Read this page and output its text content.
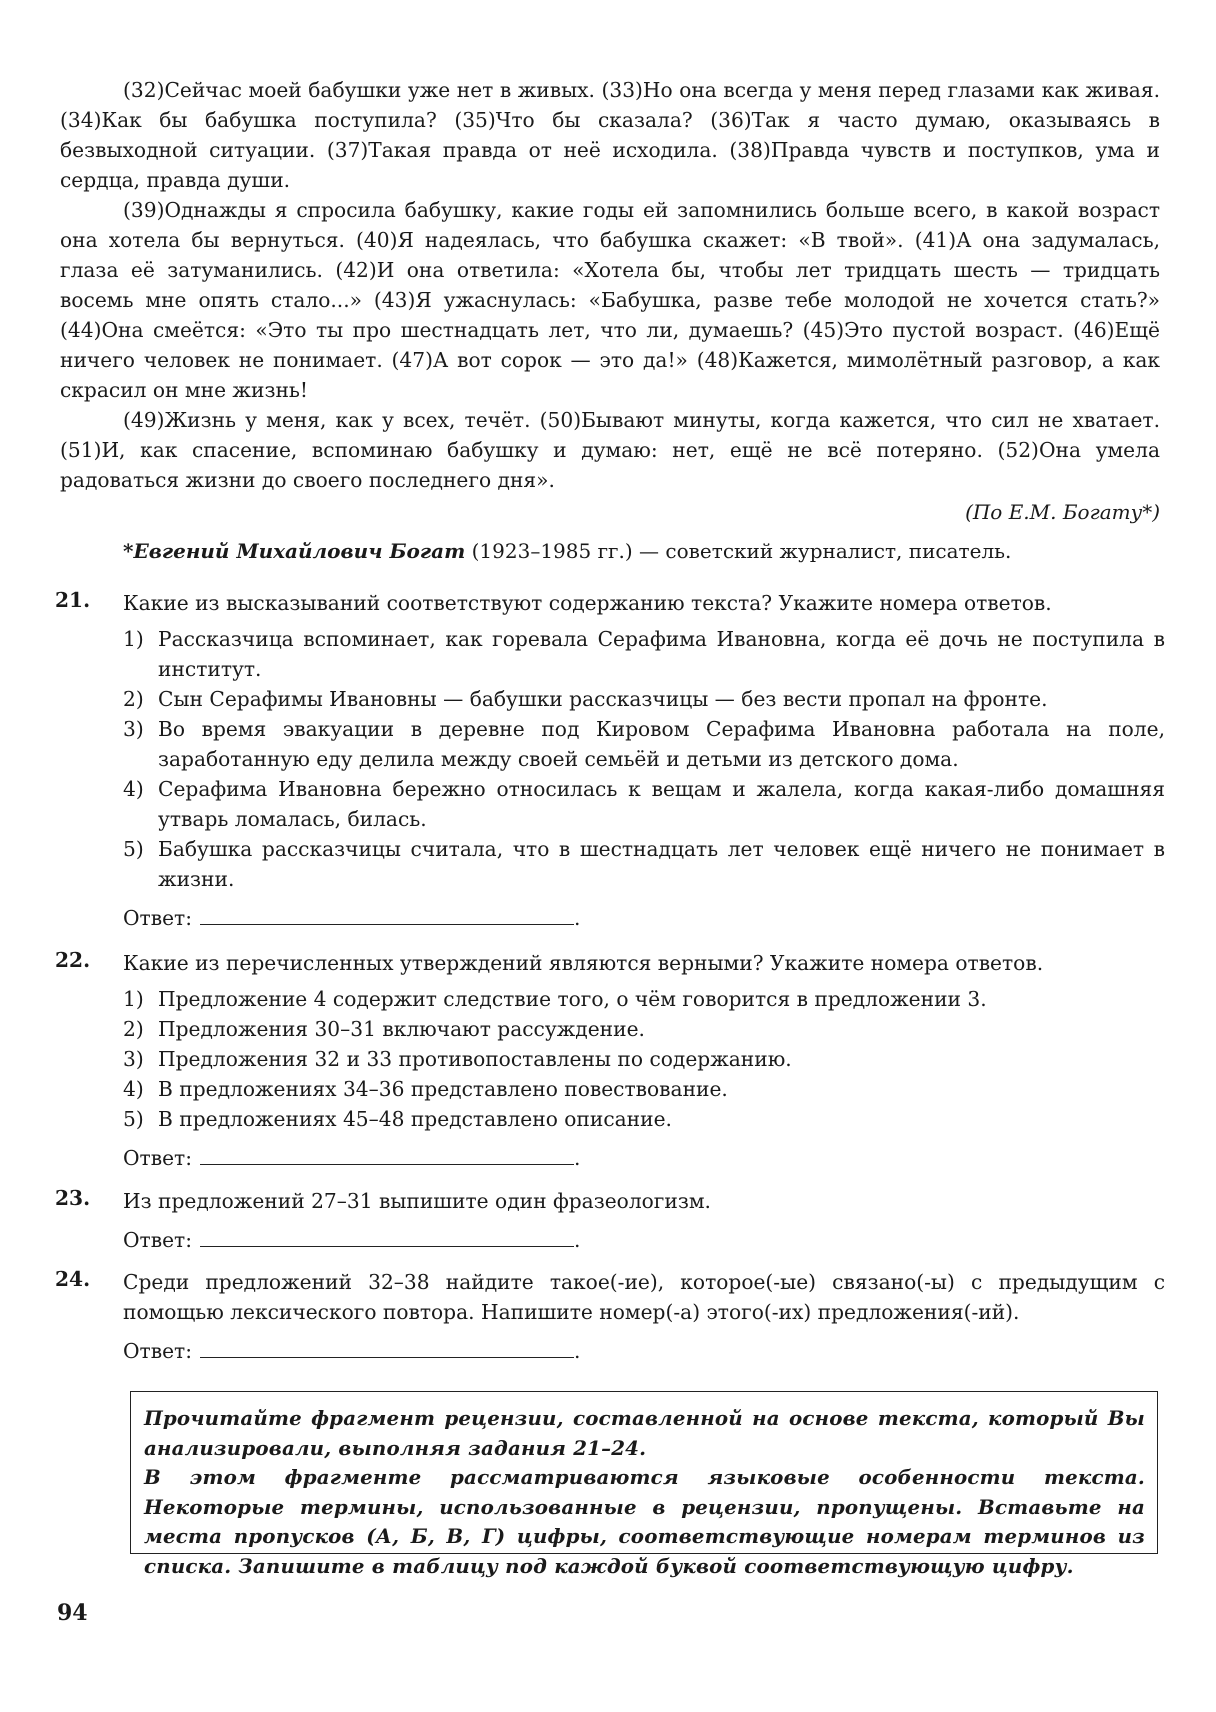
(32)Сейчас моей бабушки уже нет в живых. (33)Но она всегда у меня перед глазами как живая. (34)Как бы бабушка поступила? (35)Что бы сказала? (36)Так я часто думаю, оказываясь в безвыходной ситуации. (37)Такая правда от неё исходила. (38)Правда чувств и поступков, ума и сердца, правда души.

(39)Однажды я спросила бабушку, какие годы ей запомнились больше всего, в какой возраст она хотела бы вернуться. (40)Я надеялась, что бабушка скажет: «В твой». (41)А она задумалась, глаза её затуманились. (42)И она ответила: «Хотела бы, чтобы лет тридцать шесть — тридцать восемь мне опять стало...» (43)Я ужаснулась: «Бабушка, разве тебе молодой не хочется стать?» (44)Она смеётся: «Это ты про шестнадцать лет, что ли, думаешь? (45)Это пустой возраст. (46)Ещё ничего человек не понимает. (47)А вот сорок — это да!» (48)Кажется, мимолётный разговор, а как скрасил он мне жизнь!

(49)Жизнь у меня, как у всех, течёт. (50)Бывают минуты, когда кажется, что сил не хватает. (51)И, как спасение, вспоминаю бабушку и думаю: нет, ещё не всё потеряно. (52)Она умела радоваться жизни до своего последнего дня».

(По Е.М. Богату*)
*Евгений Михайлович Богат (1923–1985 гг.) — советский журналист, писатель.
21. Какие из высказываний соответствуют содержанию текста? Укажите номера ответов.
1) Рассказчица вспоминает, как горевала Серафима Ивановна, когда её дочь не поступила в институт.
2) Сын Серафимы Ивановны — бабушки рассказчицы — без вести пропал на фронте.
3) Во время эвакуации в деревне под Кировом Серафима Ивановна работала на поле, заработанную еду делила между своей семьёй и детьми из детского дома.
4) Серафима Ивановна бережно относилась к вещам и жалела, когда какая-либо домашняя утварь ломалась, билась.
5) Бабушка рассказчицы считала, что в шестнадцать лет человек ещё ничего не понимает в жизни.
Ответ:	.
22. Какие из перечисленных утверждений являются верными? Укажите номера ответов.
1) Предложение 4 содержит следствие того, о чём говорится в предложении 3.
2) Предложения 30–31 включают рассуждение.
3) Предложения 32 и 33 противопоставлены по содержанию.
4) В предложениях 34–36 представлено повествование.
5) В предложениях 45–48 представлено описание.
Ответ:	.
23. Из предложений 27–31 выпишите один фразеологизм.
Ответ:	.
24. Среди предложений 32–38 найдите такое(-ие), которое(-ые) связано(-ы) с предыдущим с помощью лексического повтора. Напишите номер(-а) этого(-их) предложения(-ий).
Ответ:	.

Прочитайте фрагмент рецензии, составленной на основе текста, который Вы анализировали, выполняя задания 21–24.

В этом фрагменте рассматриваются языковые особенности текста. Некоторые термины, использованные в рецензии, пропущены. Вставьте на места пропусков (А, Б, В, Г) цифры, соответствующие номерам терминов из списка. Запишите в таблицу под каждой буквой соответствующую цифру.

94
